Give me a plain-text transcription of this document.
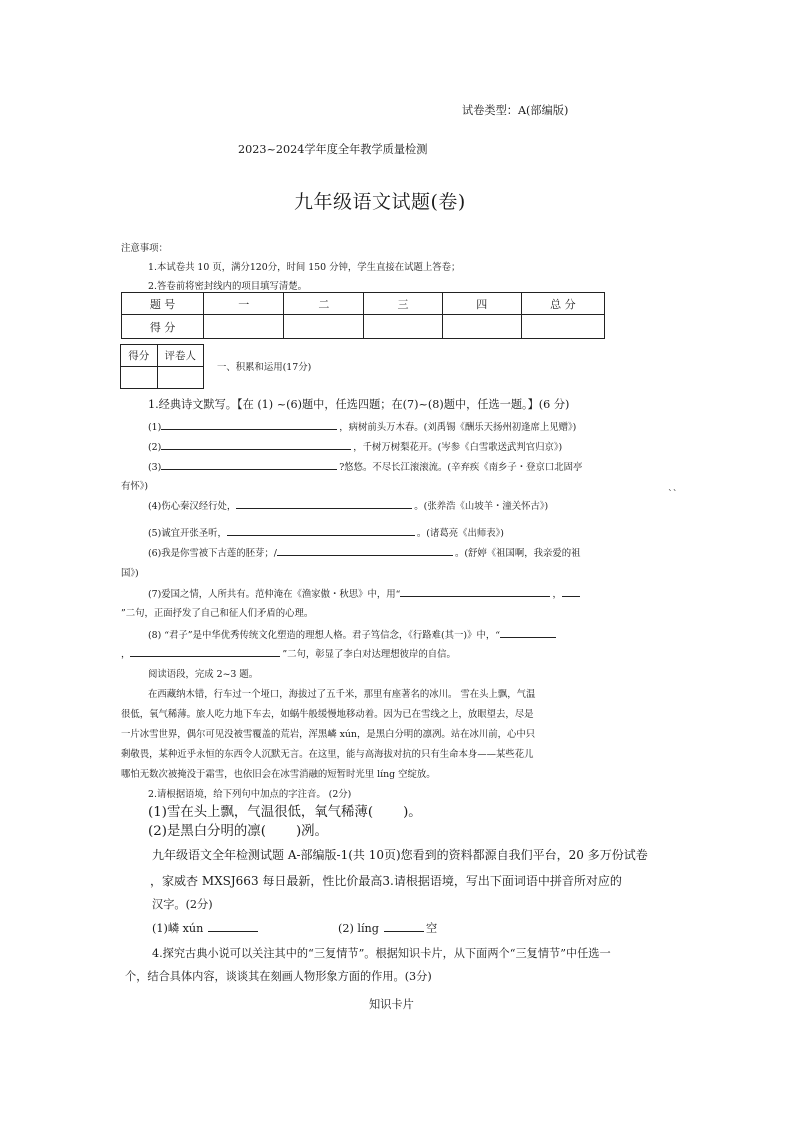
试卷类型：A(部编版)
2023~2024学年度全年教学质量检测
九年级语文试题(卷)
注意事项：
1.本试卷共 10 页，满分120分，时间 150 分钟，学生直接在试题上答卷；
2.答卷前将密封线内的项目填写清楚。
题 号	一	二	三	四	总 分
得 分					
得分	评卷人

一、积累和运用(17分)
1.经典诗文默写。【在 (1) ~(6)题中，任选四题；在(7)~(8)题中，任选一题。】(6 分)
(1)	，病树前头万木春。(刘禹锡《酬乐天扬州初逢席上见赠》)
(2)	，千树万树梨花开。(岑参《白雪歌送武判官归京》)
(3)	?悠悠。不尽长江滚滚流。(辛弃疾《南乡子・登京口北固亭
有怀》)
``
(4)伤心秦汉经行处，	。(张养浩《山坡羊・潼关怀古》)
(5)诚宜开张圣听，	。(诸葛亮《出师表》)
(6)我是你雪被下古莲的胚芽；/	。(舒婷《祖国啊，我亲爱的祖
国》)
(7)爱国之情，人所共有。范仲淹在《渔家傲・秋思》中，用“	，
”二句，正面抒发了自己和征人们矛盾的心理。
(8) “君子”是中华优秀传统文化塑造的理想人格。君子笃信念，《行路难(其一)》中，“
，	”二句，彰显了李白对达理想彼岸的自信。
阅读语段，完成 2~3 题。
在西藏纳木错，行车过一个垭口，海拔过了五千米，那里有座著名的冰川。 雪在头上飘，气温
很低，氧气稀薄。旅人吃力地下车去，如蜗牛般缓慢地移动着。因为已在雪线之上，放眼望去，尽是
一片冰雪世界，偶尔可见没被雪覆盖的荒岩，浑黑嶙 xún，是黑白分明的凛冽。站在冰川前，心中只
剩敬畏，某种近乎永恒的东西令人沉默无言。在这里，能与高海拔对抗的只有生命本身——某些花儿
哪怕无数次被掩没于霜雪，也依旧会在冰雪消融的短暂时光里 líng 空绽放。
2.请根据语境，给下列句中加点的字注音。 (2分)
(1)雪在头上飘，气温很低，氧气稀薄( )。
(2)是黑白分明的凛( )冽。
九年级语文全年检测试题 A-部编版-1(共 10页)您看到的资料都源自我们平台，20 多万份试卷
，家威杏 MXSJ663 每日最新，性比价最高3.请根据语境，写出下面词语中拼音所对应的
汉字。(2分)
(1)嶙 xún	(2) líng	空
4.探究古典小说可以关注其中的“三复情节”。根据知识卡片，从下面两个“三复情节”中任选一
个，结合具体内容，谈谈其在刻画人物形象方面的作用。(3分)
知识卡片
